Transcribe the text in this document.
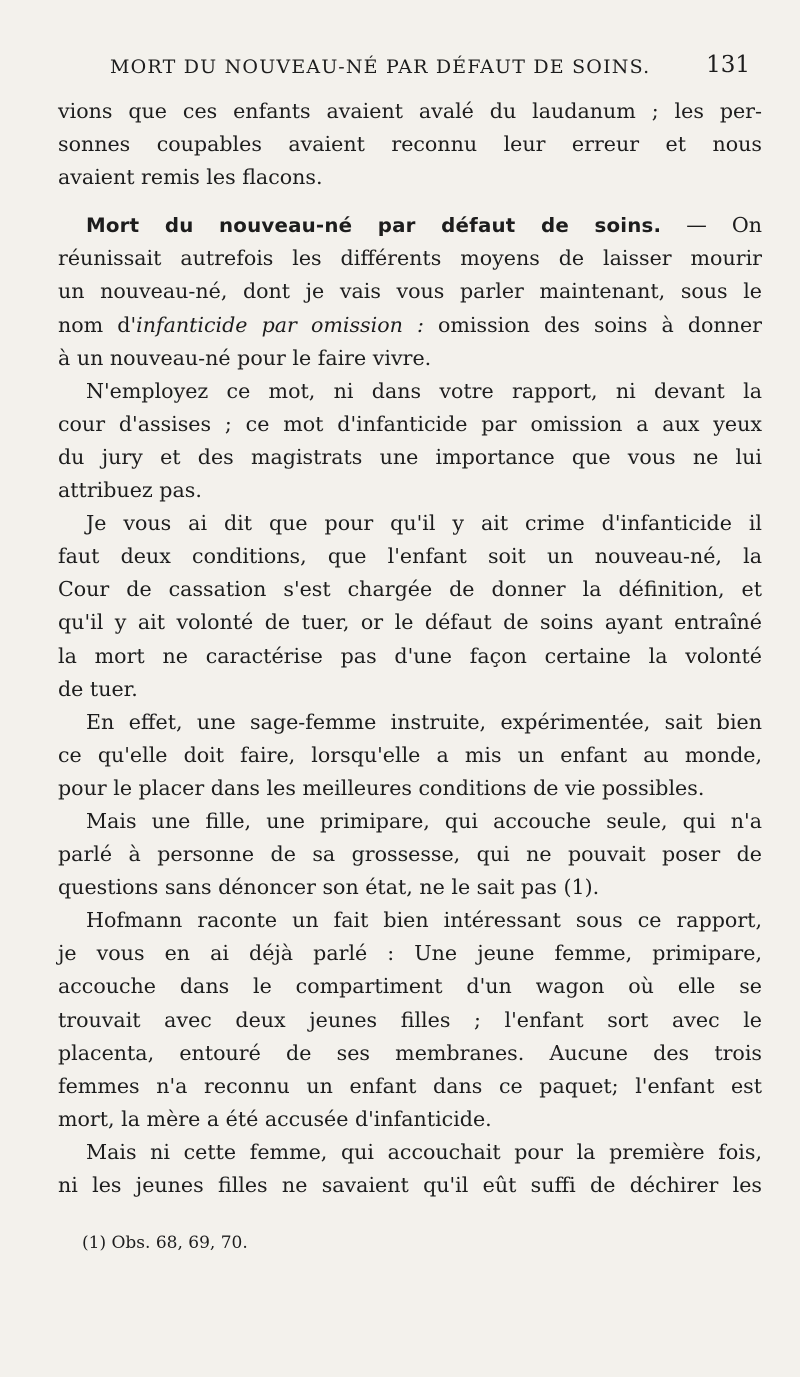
MORT DU NOUVEAU-NÉ PAR DÉFAUT DE SOINS. 131
vions que ces enfants avaient avalé du laudanum ; les per-
sonnes coupables avaient reconnu leur erreur et nous
avaient remis les flacons.
Mort du nouveau-né par défaut de soins. — On
réunissait autrefois les différents moyens de laisser mourir
un nouveau-né, dont je vais vous parler maintenant, sous le
nom d'infanticide par omission : omission des soins à donner
à un nouveau-né pour le faire vivre.
N'employez ce mot, ni dans votre rapport, ni devant la
cour d'assises ; ce mot d'infanticide par omission a aux yeux
du jury et des magistrats une importance que vous ne lui
attribuez pas.
Je vous ai dit que pour qu'il y ait crime d'infanticide il
faut deux conditions, que l'enfant soit un nouveau-né, la
Cour de cassation s'est chargée de donner la définition, et
qu'il y ait volonté de tuer, or le défaut de soins ayant entraîné
la mort ne caractérise pas d'une façon certaine la volonté
de tuer.
En effet, une sage-femme instruite, expérimentée, sait bien
ce qu'elle doit faire, lorsqu'elle a mis un enfant au monde,
pour le placer dans les meilleures conditions de vie possibles.
Mais une fille, une primipare, qui accouche seule, qui n'a
parlé à personne de sa grossesse, qui ne pouvait poser de
questions sans dénoncer son état, ne le sait pas (1).
Hofmann raconte un fait bien intéressant sous ce rapport,
je vous en ai déjà parlé : Une jeune femme, primipare,
accouche dans le compartiment d'un wagon où elle se
trouvait avec deux jeunes filles ; l'enfant sort avec le
placenta, entouré de ses membranes. Aucune des trois
femmes n'a reconnu un enfant dans ce paquet; l'enfant est
mort, la mère a été accusée d'infanticide.
Mais ni cette femme, qui accouchait pour la première fois,
ni les jeunes filles ne savaient qu'il eût suffi de déchirer les
(1) Obs. 68, 69, 70.
